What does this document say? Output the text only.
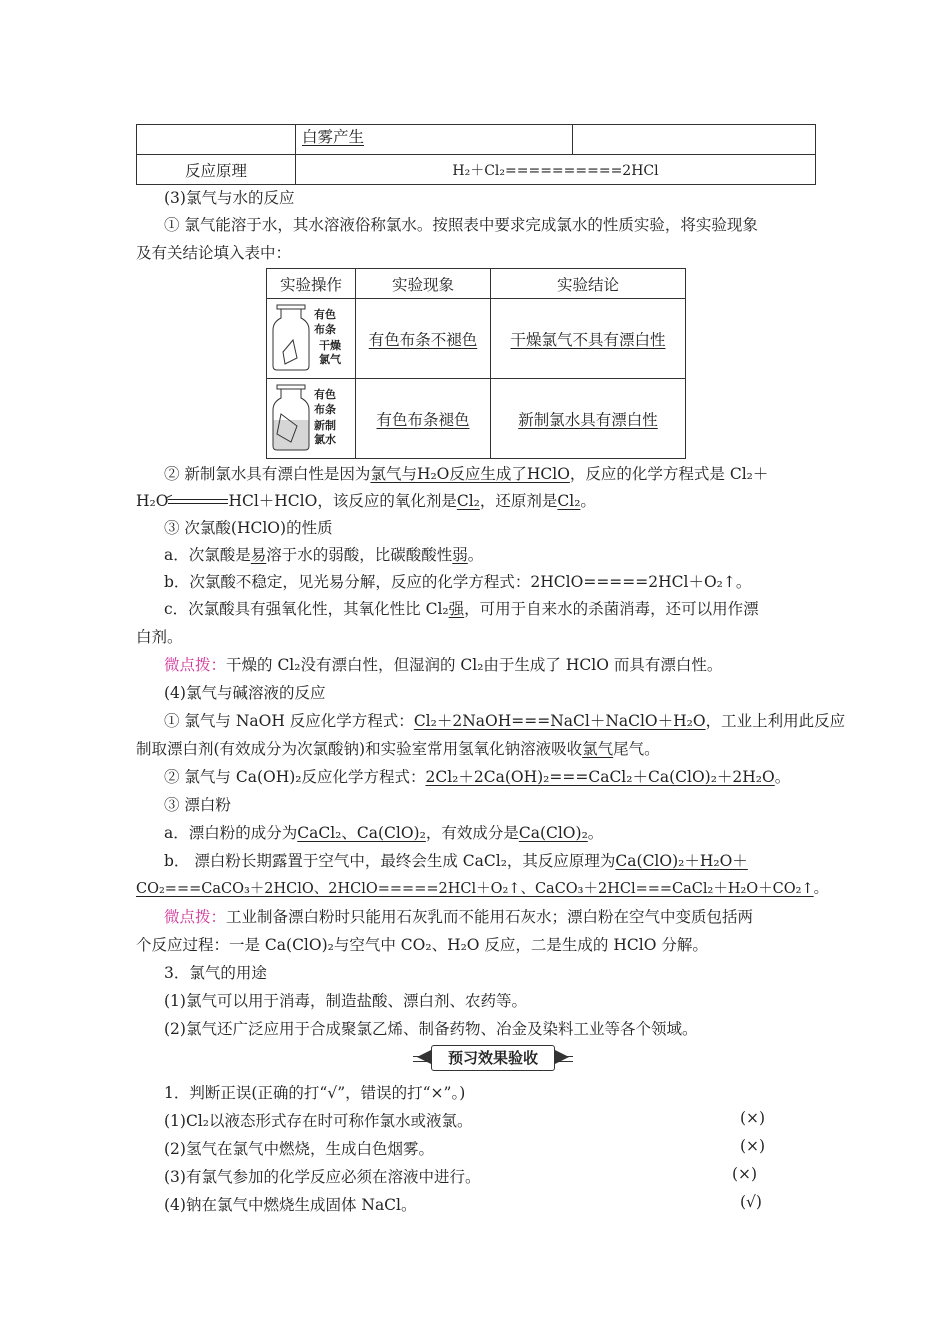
	白雾产生	
反应原理	H₂＋Cl₂==========2HCl	
(3)氯气与水的反应
① 氯气能溶于水，其水溶液俗称氯水。按照表中要求完成氯水的性质实验，将实验现象
及有关结论填入表中：
实验操作	实验现象	实验结论

有色
布条
干燥
氯气	有色布条不褪色	干燥氯气不具有漂白性

有色
布条
新制
氯水	有色布条褪色	新制氯水具有漂白性
② 新制氯水具有漂白性是因为氯气与H₂O反应生成了HClO，反应的化学方程式是 Cl₂＋
H₂O	HCl＋HClO，该反应的氧化剂是Cl₂，还原剂是Cl₂。
③ 次氯酸(HClO)的性质
a．次氯酸是易溶于水的弱酸，比碳酸酸性弱。
b．次氯酸不稳定，见光易分解，反应的化学方程式：2HClO=====2HCl＋O₂↑。
c．次氯酸具有强氧化性，其氧化性比 Cl₂强，可用于自来水的杀菌消毒，还可以用作漂
白剂。
微点拨：干燥的 Cl₂没有漂白性，但湿润的 Cl₂由于生成了 HClO 而具有漂白性。
(4)氯气与碱溶液的反应
① 氯气与 NaOH 反应化学方程式：Cl₂＋2NaOH===NaCl＋NaClO＋H₂O，工业上利用此反应
制取漂白剂(有效成分为次氯酸钠)和实验室常用氢氧化钠溶液吸收氯气尾气。
② 氯气与 Ca(OH)₂反应化学方程式：2Cl₂＋2Ca(OH)₂===CaCl₂＋Ca(ClO)₂＋2H₂O。
③ 漂白粉
a．漂白粉的成分为CaCl₂、Ca(ClO)₂，有效成分是Ca(ClO)₂。
b． 漂白粉长期露置于空气中，最终会生成 CaCl₂，其反应原理为Ca(ClO)₂＋H₂O＋
CO₂===CaCO₃＋2HClO、2HClO=====2HCl＋O₂↑、CaCO₃＋2HCl===CaCl₂＋H₂O＋CO₂↑。
微点拨：工业制备漂白粉时只能用石灰乳而不能用石灰水；漂白粉在空气中变质包括两
个反应过程：一是 Ca(ClO)₂与空气中 CO₂、H₂O 反应，二是生成的 HClO 分解。
3．氯气的用途
(1)氯气可以用于消毒，制造盐酸、漂白剂、农药等。
(2)氯气还广泛应用于合成聚氯乙烯、制备药物、冶金及染料工业等各个领域。
预习效果验收
1．判断正误(正确的打“√”，错误的打“×”。)
(1)Cl₂以液态形式存在时可称作氯水或液氯。	(×)
(2)氢气在氯气中燃烧，生成白色烟雾。	(×)
(3)有氯气参加的化学反应必须在溶液中进行。	(×)
(4)钠在氯气中燃烧生成固体 NaCl。	(√)
